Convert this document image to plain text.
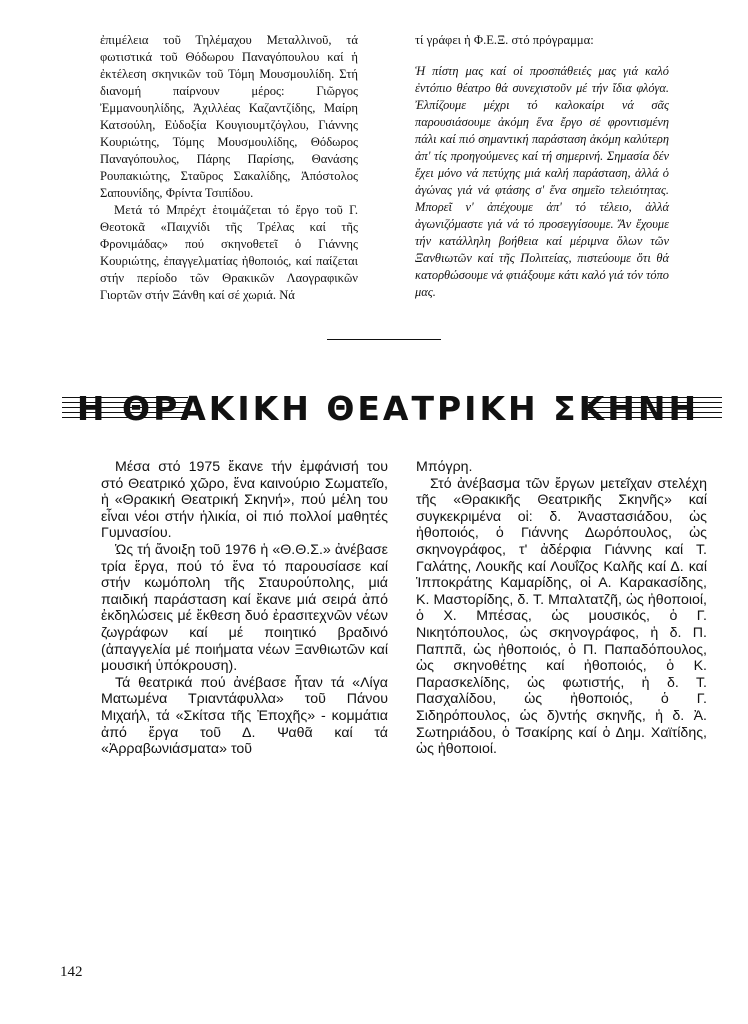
ἐπιμέλεια τοῦ Τηλέμαχου Μεταλλινοῦ, τά φωτιστικά τοῦ Θόδωρου Παναγόπουλου καί ἡ ἐκτέλεση σκηνικῶν τοῦ Τόμη Μουσμουλίδη. Στή διανομή παίρνουν μέρος: Γιῶργος Ἐμμανουηλίδης, Ἀχιλλέας Καζαντζίδης, Μαίρη Κατσούλη, Εὐδοξία Κουγιουμτζόγλου, Γιάννης Κουριώτης, Τόμης Μουσμουλίδης, Θόδωρος Παναγόπουλος, Πάρης Παρίσης, Θανάσης Ρουπακιώτης, Σταῦρος Σακαλίδης, Ἀπόστολος Σαπουνίδης, Φρίντα Τσιπίδου.

Μετά τό Μπρέχτ ἑτοιμάζεται τό ἔργο τοῦ Γ. Θεοτοκᾶ «Παιχνίδι τῆς Τρέλας καί τῆς Φρονιμάδας» πού σκηνοθετεῖ ὁ Γιάννης Κουριώτης, ἐπαγγελματίας ἠθοποιός, καί παίζεται στήν περίοδο τῶν Θρακικῶν Λαογραφικῶν Γιορτῶν στήν Ξάνθη καί σέ χωριά. Νά

τί γράφει ἡ Φ.Ε.Ξ. στό πρόγραμμα:

Ἡ πίστη μας καί οἱ προσπάθειές μας γιά καλό ἐντόπιο θέατρο θά συνεχιστοῦν μέ τήν ἴδια φλόγα. Ἐλπίζουμε μέχρι τό καλοκαίρι νά σᾶς παρουσιάσουμε ἀκόμη ἕνα ἔργο σέ φροντισμένη πάλι καί πιό σημαντική παράσταση ἀκόμη καλύτερη ἀπ' τίς προηγούμενες καί τή σημερινή. Σημασία δέν ἔχει μόνο νά πετύχης μιά καλή παράσταση, ἀλλά ὁ ἀγώνας γιά νά φτάσης σ' ἕνα σημεῖο τελειότητας. Μπορεῖ ν' ἀπέχουμε ἀπ' τό τέλειο, ἀλλά ἀγωνιζόμαστε γιά νά τό προσεγγίσουμε. Ἄν ἔχουμε τήν κατάλληλη βοήθεια καί μέριμνα ὅλων τῶν Ξανθιωτῶν καί τῆς Πολιτείας, πιστεύουμε ὅτι θά κατορθώσουμε νά φτιάξουμε κάτι καλό γιά τόν τόπο μας.

Η ΘΡΑΚΙΚΗ ΘΕΑΤΡΙΚΗ ΣΚΗΝΗ

Μέσα στό 1975 ἔκανε τήν ἐμφάνισή του στό Θεατρικό χῶρο, ἕνα καινούριο Σωματεῖο, ἡ «Θρακική Θεατρική Σκηνή», πού μέλη του εἶναι νέοι στήν ἡλικία, οἱ πιό πολλοί μαθητές Γυμνασίου.

Ὡς τή ἄνοιξη τοῦ 1976 ἡ «Θ.Θ.Σ.» ἀνέβασε τρία ἔργα, πού τό ἕνα τό παρουσίασε καί στήν κωμόπολη τῆς Σταυρούπολης, μιά παιδική παράσταση καί ἔκανε μιά σειρά ἀπό ἐκδηλώσεις μέ ἔκθεση δυό ἐρασιτεχνῶν νέων ζωγράφων καί μέ ποιητικό βραδινό (ἀπαγγελία μέ ποιήματα νέων Ξανθιωτῶν καί μουσική ὑπόκρουση).

Τά θεατρικά πού ἀνέβασε ἦταν τά «Λίγα Ματωμένα Τριαντάφυλλα» τοῦ Πάνου Μιχαήλ, τά «Σκίτσα τῆς Ἐποχῆς» - κομμάτια ἀπό ἔργα τοῦ Δ. Ψαθᾶ καί τά «Ἀρραβωνιάσματα» τοῦ

Μπόγρη.

Στό ἀνέβασμα τῶν ἔργων μετεῖχαν στελέχη τῆς «Θρακικῆς Θεατρικῆς Σκηνῆς» καί συγκεκριμένα οἱ: δ. Ἀναστασιάδου, ὡς ἠθοποιός, ὁ Γιάννης Δωρόπουλος, ὡς σκηνογράφος, τ' ἀδέρφια Γιάννης καί Τ. Γαλάτης, Λουκῆς καί Λουΐζος Καλῆς καί Δ. καί Ἱπποκράτης Καμαρίδης, οἱ Α. Καρακασίδης, Κ. Μαστορίδης, δ. Τ. Μπαλτατζῆ, ὡς ἠθοποιοί, ὁ Χ. Μπέσας, ὡς μουσικός, ὁ Γ. Νικητόπουλος, ὡς σκηνογράφος, ἡ δ. Π. Παππᾶ, ὡς ἠθοποιός, ὁ Π. Παπαδόπουλος, ὡς σκηνοθέτης καί ἠθοποιός, ὁ Κ. Παρασκελίδης, ὡς φωτιστής, ἡ δ. Τ. Πασχαλίδου, ὡς ἠθοποιός, ὁ Γ. Σιδηρόπουλος, ὡς δ)ντής σκηνῆς, ἡ δ. Ἀ. Σωτηριάδου, ὁ Τσακίρης καί ὁ Δημ. Χαϊτίδης, ὡς ἠθοποιοί.

142
